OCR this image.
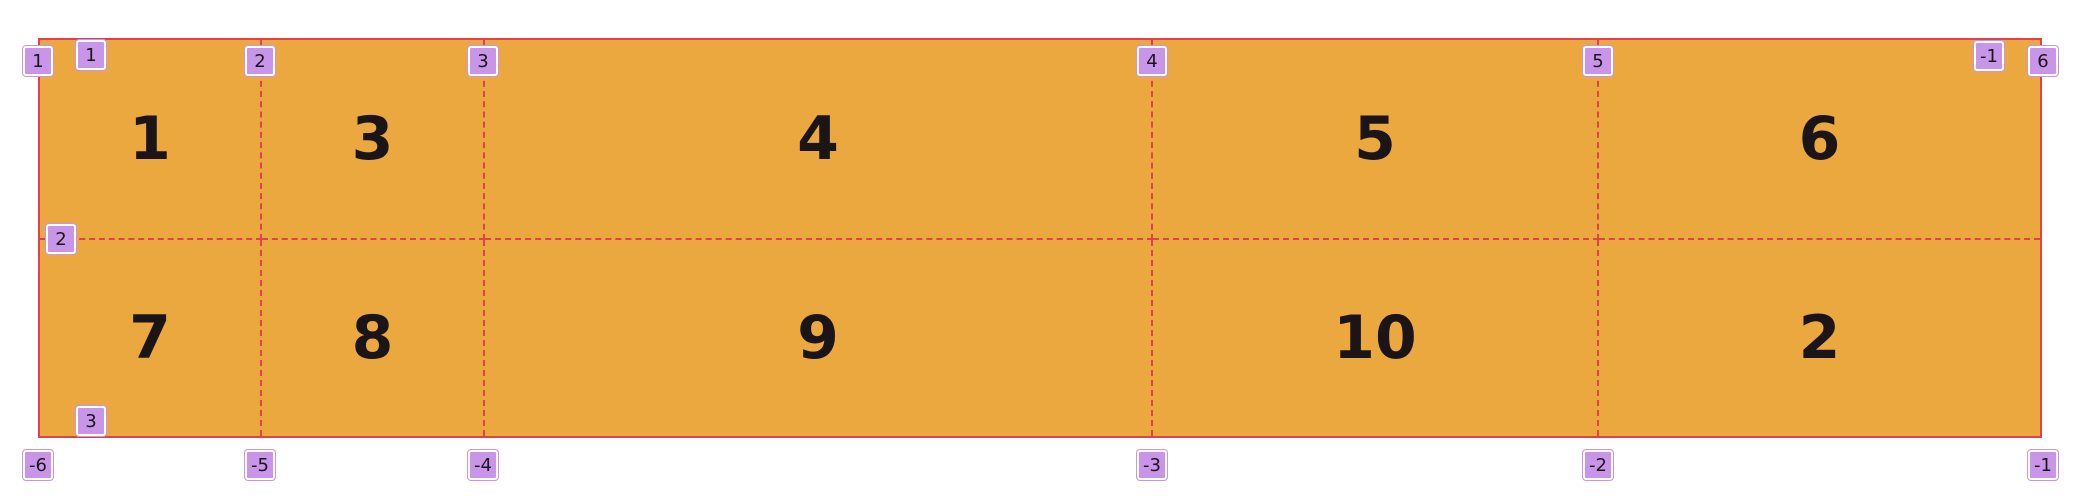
1	3	4	5	6
7	8	9	10	2
1	2	3	4	5	6
-1
1
2
3
-6	-5	-4	-3	-2	-1
